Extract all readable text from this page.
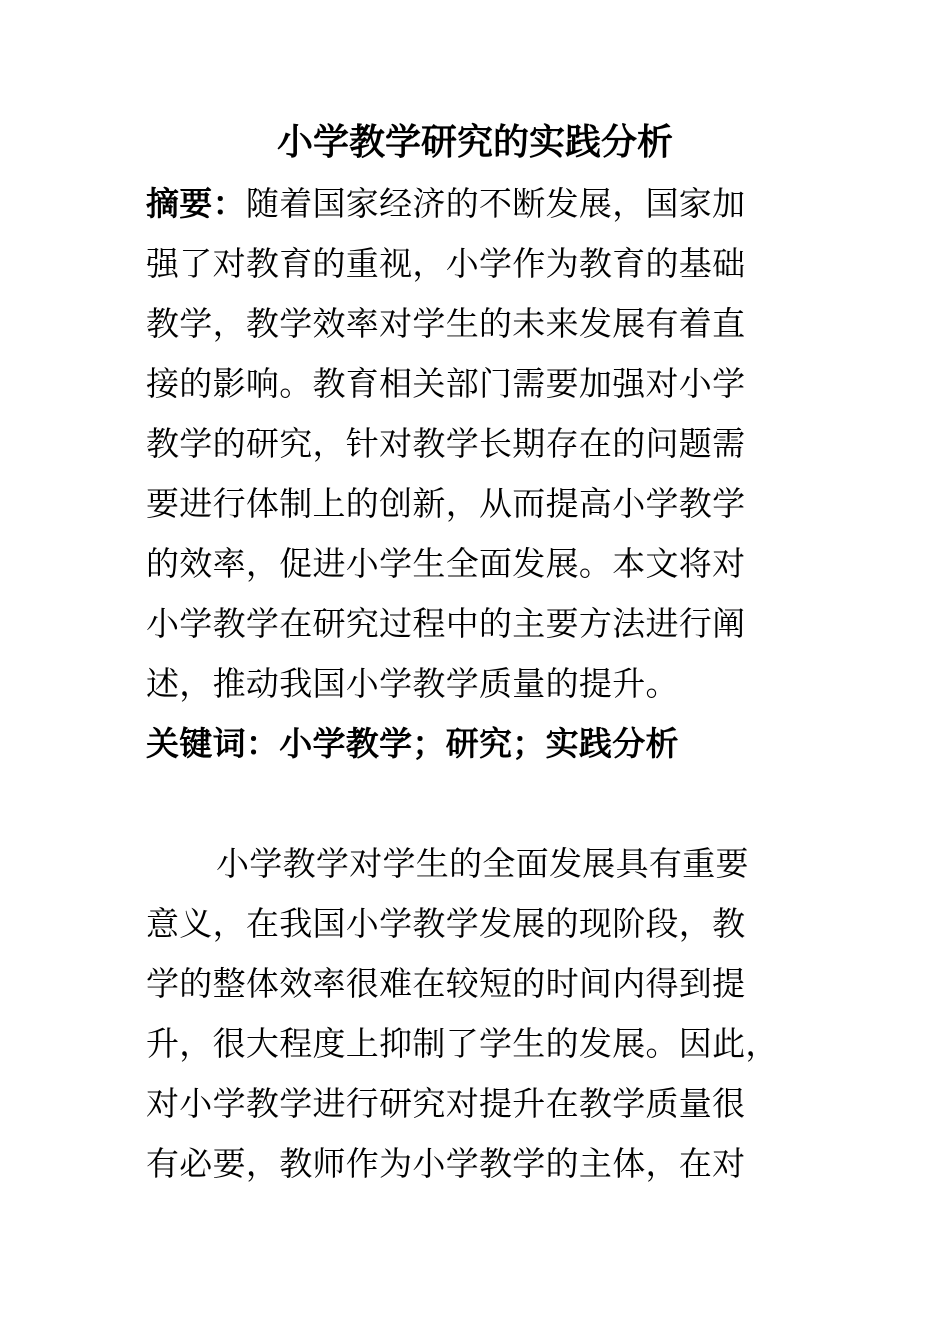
小学教学研究的实践分析
摘要：随着国家经济的不断发展，国家加
强了对教育的重视，小学作为教育的基础
教学，教学效率对学生的未来发展有着直
接的影响。教育相关部门需要加强对小学
教学的研究，针对教学长期存在的问题需
要进行体制上的创新，从而提高小学教学
的效率，促进小学生全面发展。本文将对
小学教学在研究过程中的主要方法进行阐
述，推动我国小学教学质量的提升。
关键词：小学教学；研究；实践分析
小学教学对学生的全面发展具有重要
意义，在我国小学教学发展的现阶段，教
学的整体效率很难在较短的时间内得到提
升，很大程度上抑制了学生的发展。因此，
对小学教学进行研究对提升在教学质量很
有必要，教师作为小学教学的主体，在对
